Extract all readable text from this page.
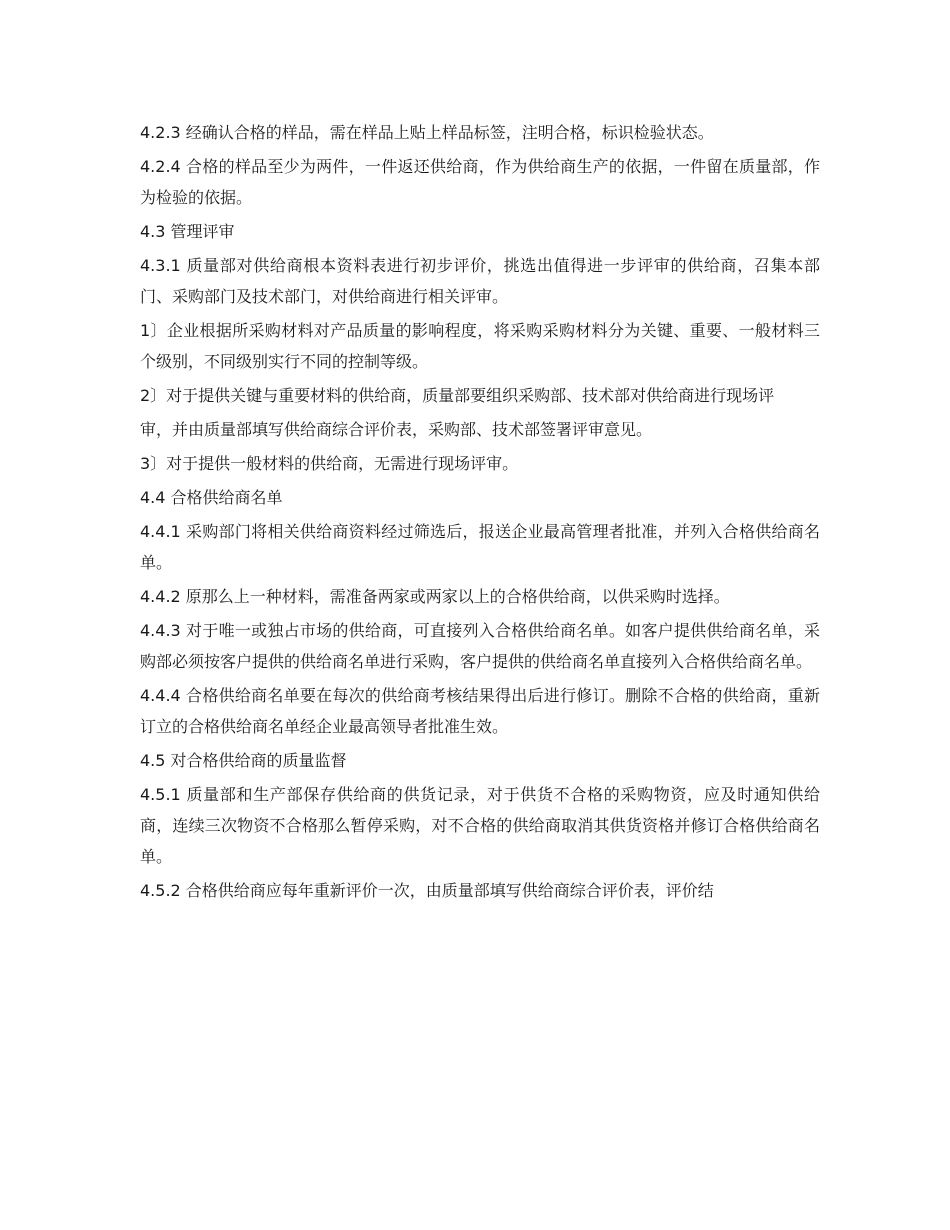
4.2.3 经确认合格的样品，需在样品上贴上样品标签，注明合格，标识检验状态。

4.2.4 合格的样品至少为两件，一件返还供给商，作为供给商生产的依据，一件留在质量部，作为检验的依据。

4.3 管理评审

4.3.1 质量部对供给商根本资料表进行初步评价，挑选出值得进一步评审的供给商，召集本部门、采购部门及技术部门，对供给商进行相关评审。

1〕企业根据所采购材料对产品质量的影响程度，将采购采购材料分为关键、重要、一般材料三个级别，不同级别实行不同的控制等级。

2〕对于提供关键与重要材料的供给商，质量部要组织采购部、技术部对供给商进行现场评

审，并由质量部填写供给商综合评价表，采购部、技术部签署评审意见。

3〕对于提供一般材料的供给商，无需进行现场评审。

4.4 合格供给商名单

4.4.1 采购部门将相关供给商资料经过筛选后，报送企业最高管理者批准，并列入合格供给商名单。

4.4.2 原那么上一种材料，需准备两家或两家以上的合格供给商，以供采购时选择。

4.4.3 对于唯一或独占市场的供给商，可直接列入合格供给商名单。如客户提供供给商名单，采购部必须按客户提供的供给商名单进行采购，客户提供的供给商名单直接列入合格供给商名单。

4.4.4 合格供给商名单要在每次的供给商考核结果得出后进行修订。删除不合格的供给商，重新订立的合格供给商名单经企业最高领导者批准生效。

4.5 对合格供给商的质量监督

4.5.1 质量部和生产部保存供给商的供货记录，对于供货不合格的采购物资，应及时通知供给商，连续三次物资不合格那么暂停采购，对不合格的供给商取消其供货资格并修订合格供给商名单。

4.5.2 合格供给商应每年重新评价一次，由质量部填写供给商综合评价表，评价结
